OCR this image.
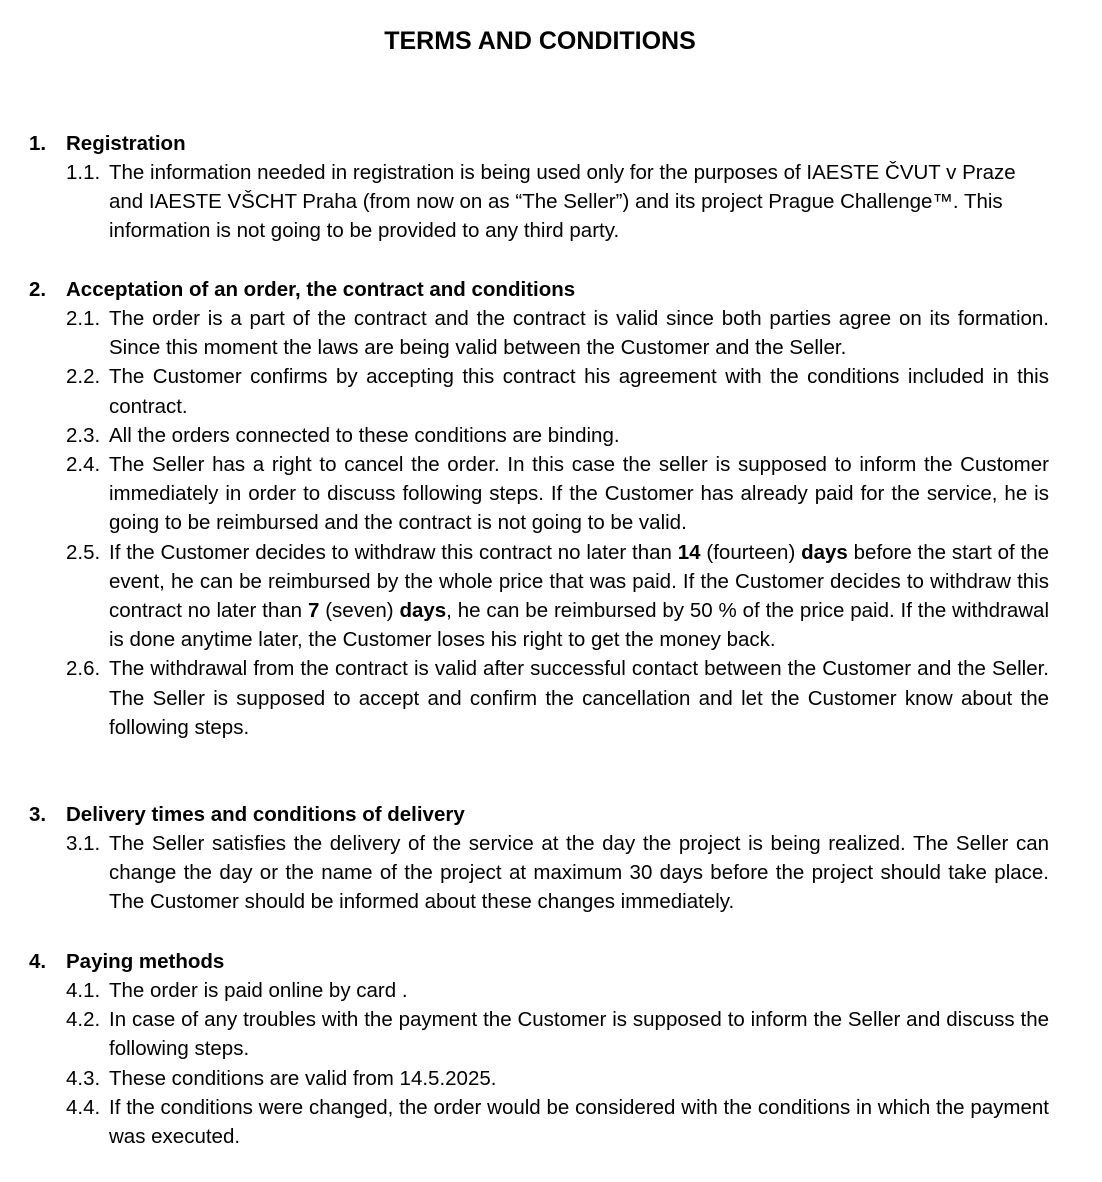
TERMS AND CONDITIONS
1. Registration
1.1. The information needed in registration is being used only for the purposes of IAESTE ČVUT v Praze and IAESTE VŠCHT Praha (from now on as “The Seller”) and its project Prague Challenge™. This information is not going to be provided to any third party.
2. Acceptation of an order, the contract and conditions
2.1. The order is a part of the contract and the contract is valid since both parties agree on its formation. Since this moment the laws are being valid between the Customer and the Seller.
2.2. The Customer confirms by accepting this contract his agreement with the conditions included in this contract.
2.3. All the orders connected to these conditions are binding.
2.4. The Seller has a right to cancel the order. In this case the seller is supposed to inform the Customer immediately in order to discuss following steps. If the Customer has already paid for the service, he is going to be reimbursed and the contract is not going to be valid.
2.5. If the Customer decides to withdraw this contract no later than 14 (fourteen) days before the start of the event, he can be reimbursed by the whole price that was paid. If the Customer decides to withdraw this contract no later than 7 (seven) days, he can be reimbursed by 50 % of the price paid. If the withdrawal is done anytime later, the Customer loses his right to get the money back.
2.6. The withdrawal from the contract is valid after successful contact between the Customer and the Seller. The Seller is supposed to accept and confirm the cancellation and let the Customer know about the following steps.
3. Delivery times and conditions of delivery
3.1. The Seller satisfies the delivery of the service at the day the project is being realized. The Seller can change the day or the name of the project at maximum 30 days before the project should take place. The Customer should be informed about these changes immediately.
4. Paying methods
4.1. The order is paid online by card .
4.2. In case of any troubles with the payment the Customer is supposed to inform the Seller and discuss the following steps.
4.3. These conditions are valid from 14.5.2025.
4.4. If the conditions were changed, the order would be considered with the conditions in which the payment was executed.
